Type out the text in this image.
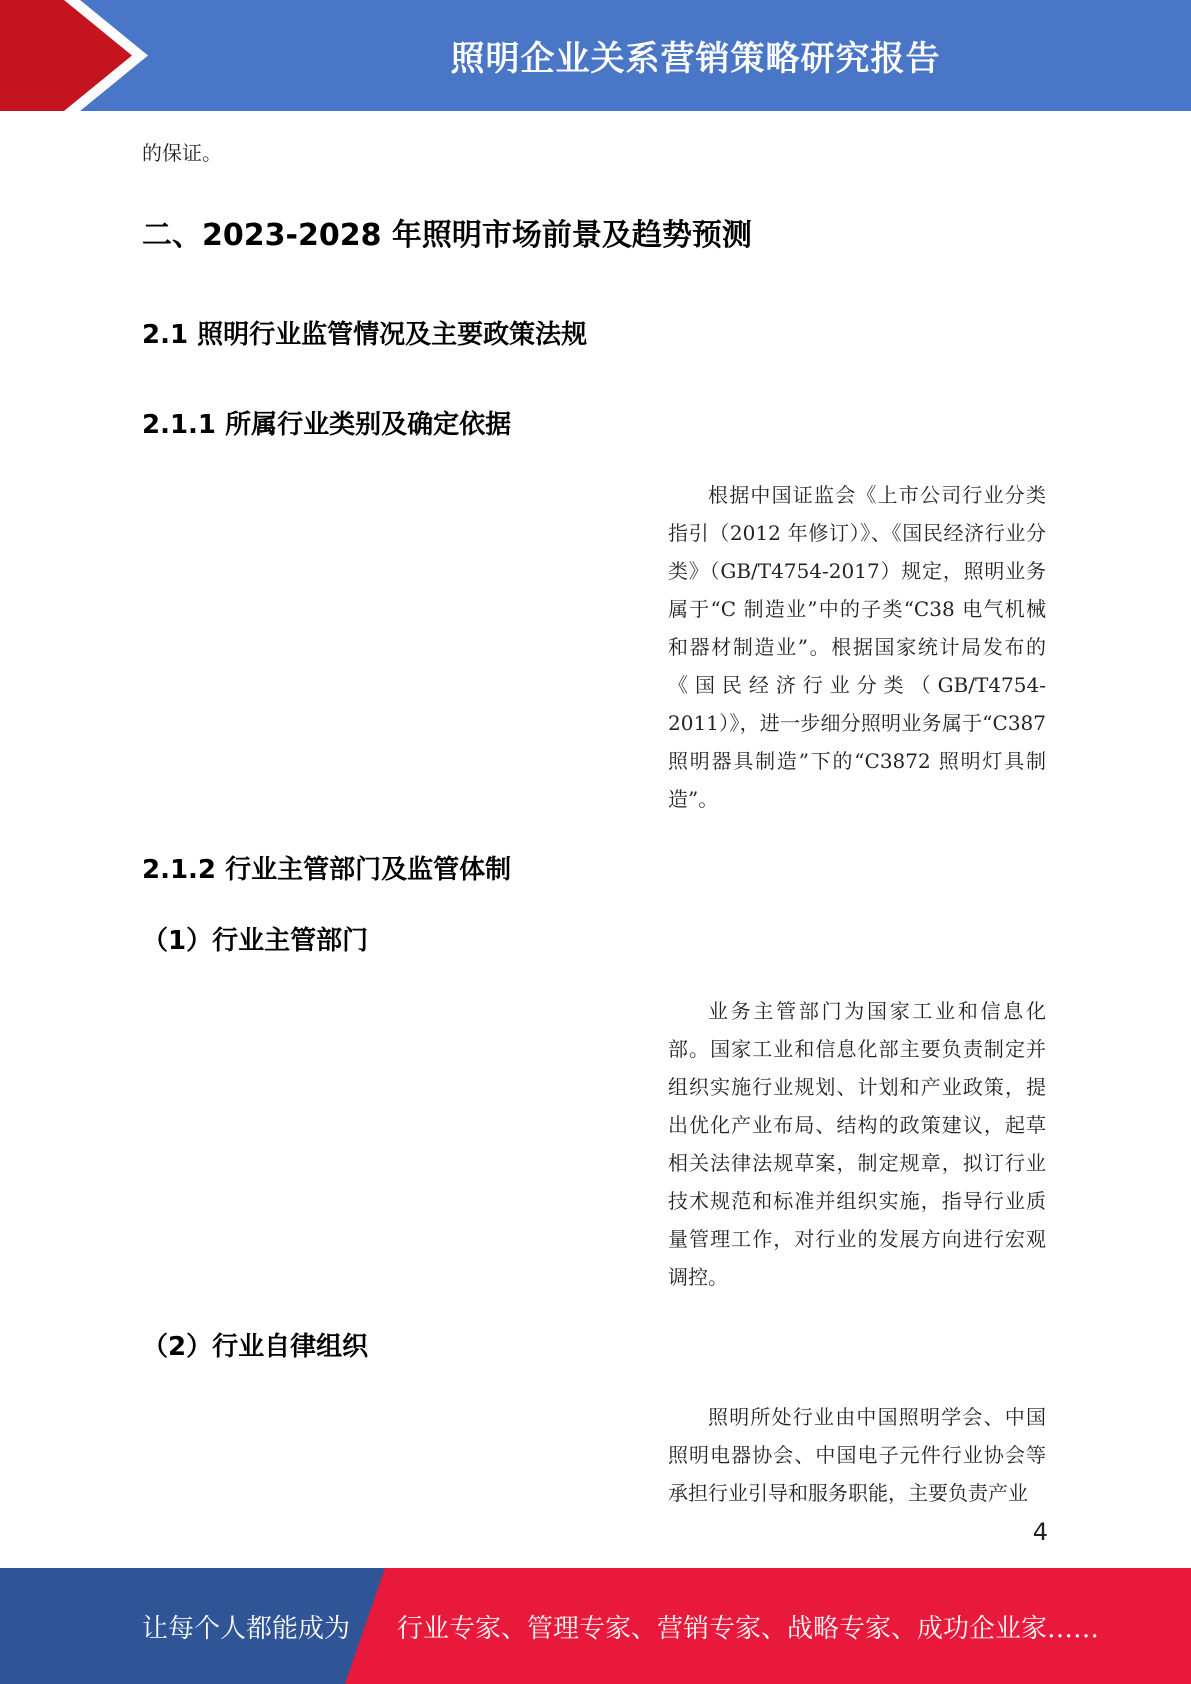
照明企业关系营销策略研究报告

的保证。

二、2023-2028 年照明市场前景及趋势预测
2.1 照明行业监管情况及主要政策法规
2.1.1 所属行业类别及确定依据

根据中国证监会《上市公司行业分类指引（2012 年修订）》、《国民经济行业分类》（GB/T4754-2017）规定，照明业务属于“C 制造业”中的子类“C38 电气机械和器材制造业”。根据国家统计局发布的《国民经济行业分类（GB/T4754-2011）》，进一步细分照明业务属于“C387 照明器具制造”下的“C3872 照明灯具制造”。

2.1.2 行业主管部门及监管体制
（1）行业主管部门

业务主管部门为国家工业和信息化部。国家工业和信息化部主要负责制定并组织实施行业规划、计划和产业政策，提出优化产业布局、结构的政策建议，起草相关法律法规草案，制定规章，拟订行业技术规范和标准并组织实施，指导行业质量管理工作，对行业的发展方向进行宏观调控。

（2）行业自律组织

照明所处行业由中国照明学会、中国照明电器协会、中国电子元件行业协会等承担行业引导和服务职能，主要负责产业

4
让每个人都能成为 行业专家、管理专家、营销专家、战略专家、成功企业家……
